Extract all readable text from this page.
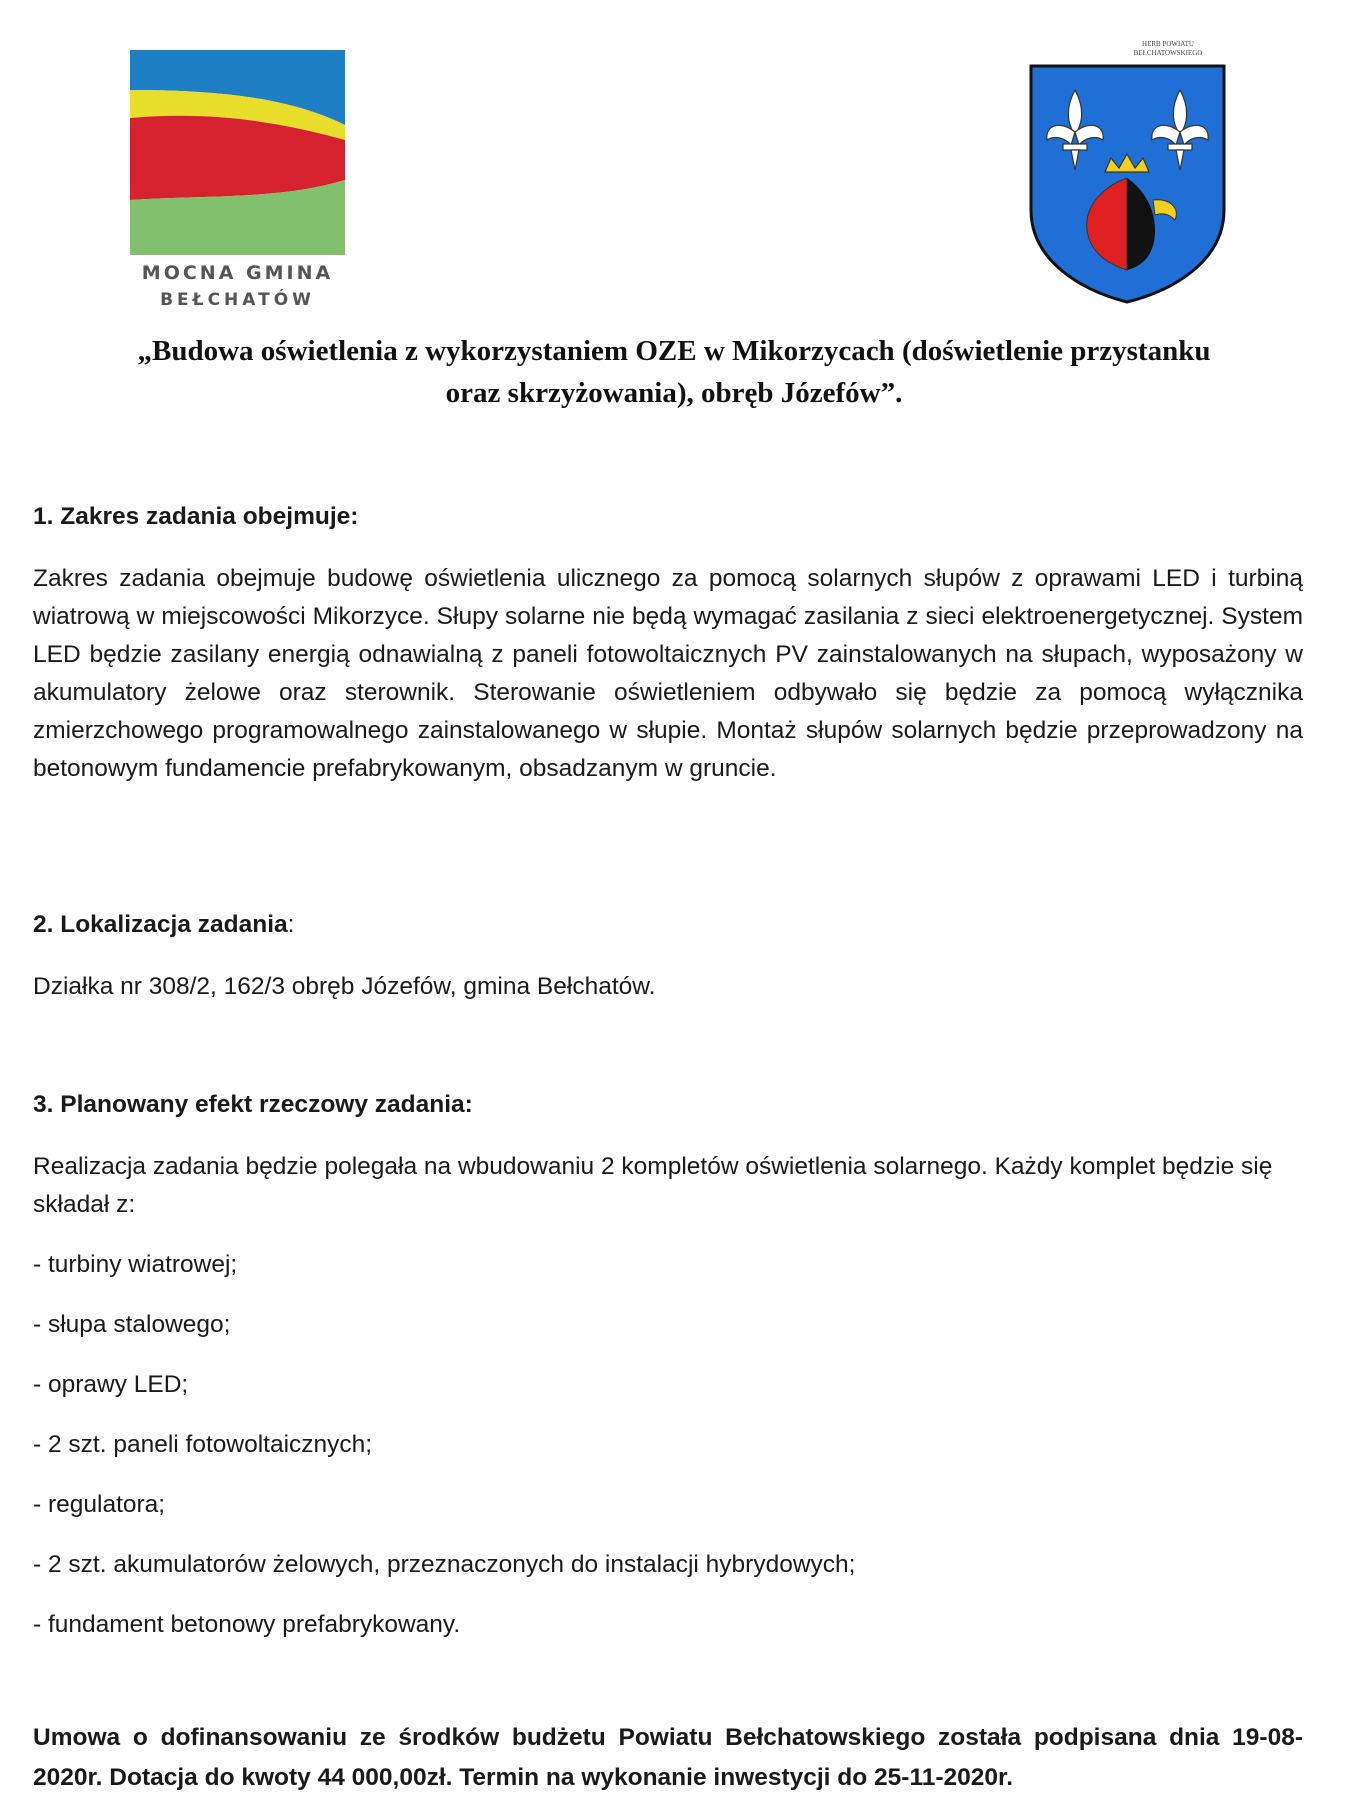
MOCNA GMINA
BEŁCHATÓW
HERB POWIATU
BEŁCHATOWSKIEGO
„Budowa oświetlenia z wykorzystaniem OZE w Mikorzycach (doświetlenie przystanku
oraz skrzyżowania), obręb Józefów”.

1. Zakres zadania obejmuje:

Zakres zadania obejmuje budowę oświetlenia ulicznego za pomocą solarnych słupów z oprawami LED i turbiną wiatrową w miejscowości Mikorzyce. Słupy solarne nie będą wymagać zasilania z sieci elektroenergetycznej. System LED będzie zasilany energią odnawialną z paneli fotowoltaicznych PV zainstalowanych na słupach, wyposażony w akumulatory żelowe oraz sterownik. Sterowanie oświetleniem odbywało się będzie za pomocą wyłącznika zmierzchowego programowalnego zainstalowanego w słupie. Montaż słupów solarnych będzie przeprowadzony na betonowym fundamencie prefabrykowanym, obsadzanym w gruncie.

2. Lokalizacja zadania:

Działka nr 308/2, 162/3 obręb Józefów, gmina Bełchatów.

3. Planowany efekt rzeczowy zadania:

Realizacja zadania będzie polegała na wbudowaniu 2 kompletów oświetlenia solarnego. Każdy komplet będzie się składał z:

- turbiny wiatrowej;
- słupa stalowego;
- oprawy LED;
- 2 szt. paneli fotowoltaicznych;
- regulatora;
- 2 szt. akumulatorów żelowych, przeznaczonych do instalacji hybrydowych;
- fundament betonowy prefabrykowany.

Umowa o dofinansowaniu ze środków budżetu Powiatu Bełchatowskiego została podpisana dnia 19-08-2020r. Dotacja do kwoty 44 000,00zł. Termin na wykonanie inwestycji do 25-11-2020r.
